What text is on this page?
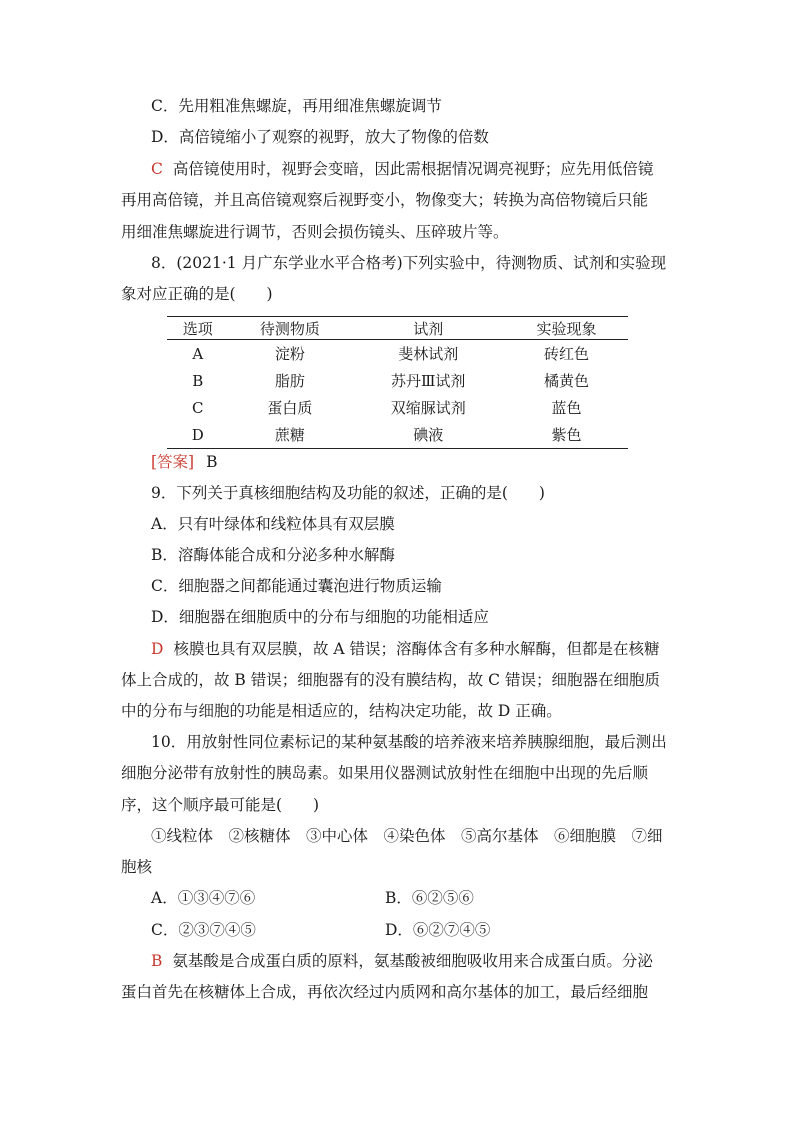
C．先用粗准焦螺旋，再用细准焦螺旋调节
D．高倍镜缩小了观察的视野，放大了物像的倍数
C 高倍镜使用时，视野会变暗，因此需根据情况调亮视野；应先用低倍镜
再用高倍镜，并且高倍镜观察后视野变小，物像变大；转换为高倍物镜后只能
用细准焦螺旋进行调节，否则会损伤镜头、压碎玻片等。
8．(2021·1 月广东学业水平合格考)下列实验中，待测物质、试剂和实验现
象对应正确的是(　　)
选项	待测物质	试剂	实验现象
A	淀粉	斐林试剂	砖红色
B	脂肪	苏丹Ⅲ试剂	橘黄色
C	蛋白质	双缩脲试剂	蓝色
D	蔗糖	碘液	紫色
[答案] B
9．下列关于真核细胞结构及功能的叙述，正确的是(　　)
A．只有叶绿体和线粒体具有双层膜
B．溶酶体能合成和分泌多种水解酶
C．细胞器之间都能通过囊泡进行物质运输
D．细胞器在细胞质中的分布与细胞的功能相适应
D 核膜也具有双层膜，故 A 错误；溶酶体含有多种水解酶，但都是在核糖
体上合成的，故 B 错误；细胞器有的没有膜结构，故 C 错误；细胞器在细胞质
中的分布与细胞的功能是相适应的，结构决定功能，故 D 正确。
10．用放射性同位素标记的某种氨基酸的培养液来培养胰腺细胞，最后测出
细胞分泌带有放射性的胰岛素。如果用仪器测试放射性在细胞中出现的先后顺
序，这个顺序最可能是(　　)
①线粒体　②核糖体　③中心体　④染色体　⑤高尔基体　⑥细胞膜　⑦细
胞核
A．①③④⑦⑥	B．⑥②⑤⑥
C．②③⑦④⑤	D．⑥②⑦④⑤
B 氨基酸是合成蛋白质的原料，氨基酸被细胞吸收用来合成蛋白质。分泌
蛋白首先在核糖体上合成，再依次经过内质网和高尔基体的加工，最后经细胞
